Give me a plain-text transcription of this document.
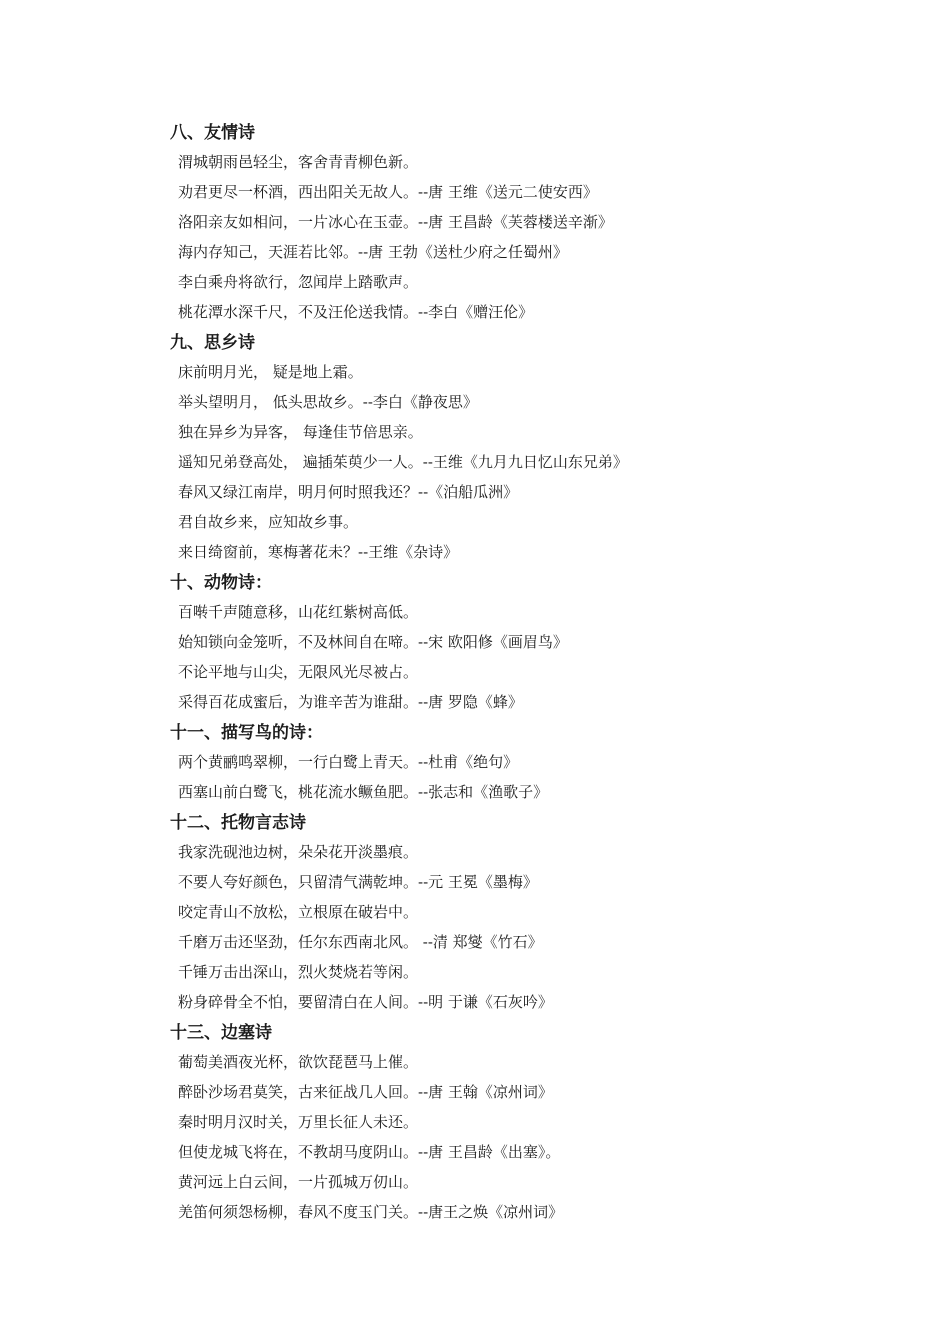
八、友情诗
渭城朝雨邑轻尘，客舍青青柳色新。
劝君更尽一杯酒，西出阳关无故人。--唐 王维《送元二使安西》
洛阳亲友如相问，一片冰心在玉壶。--唐 王昌龄《芙蓉楼送辛渐》
海内存知己，天涯若比邻。--唐 王勃《送杜少府之任蜀州》
李白乘舟将欲行，忽闻岸上踏歌声。
桃花潭水深千尺，不及汪伦送我情。--李白《赠汪伦》
九、思乡诗
床前明月光， 疑是地上霜。
举头望明月， 低头思故乡。--李白《静夜思》
独在异乡为异客， 每逢佳节倍思亲。
遥知兄弟登高处， 遍插茱萸少一人。--王维《九月九日忆山东兄弟》
春风又绿江南岸，明月何时照我还？--《泊船瓜洲》
君自故乡来，应知故乡事。
来日绮窗前，寒梅著花未？--王维《杂诗》
十、动物诗：
百啭千声随意移，山花红紫树高低。
始知锁向金笼听，不及林间自在啼。--宋 欧阳修《画眉鸟》
不论平地与山尖，无限风光尽被占。
采得百花成蜜后，为谁辛苦为谁甜。--唐 罗隐《蜂》
十一、描写鸟的诗：
两个黄鹂鸣翠柳，一行白鹭上青天。--杜甫《绝句》
西塞山前白鹭飞，桃花流水鳜鱼肥。--张志和《渔歌子》
十二、托物言志诗
我家洗砚池边树，朵朵花开淡墨痕。
不要人夸好颜色，只留清气满乾坤。--元 王冕《墨梅》
咬定青山不放松，立根原在破岩中。
千磨万击还坚劲，任尔东西南北风。 --清 郑燮《竹石》
千锤万击出深山，烈火焚烧若等闲。
粉身碎骨全不怕，要留清白在人间。--明 于谦《石灰吟》
十三、边塞诗
葡萄美酒夜光杯，欲饮琵琶马上催。
醉卧沙场君莫笑，古来征战几人回。--唐 王翰《凉州词》
秦时明月汉时关，万里长征人未还。
但使龙城飞将在，不教胡马度阴山。--唐 王昌龄《出塞》。
黄河远上白云间，一片孤城万仞山。
羌笛何须怨杨柳，春风不度玉门关。--唐王之焕《凉州词》
